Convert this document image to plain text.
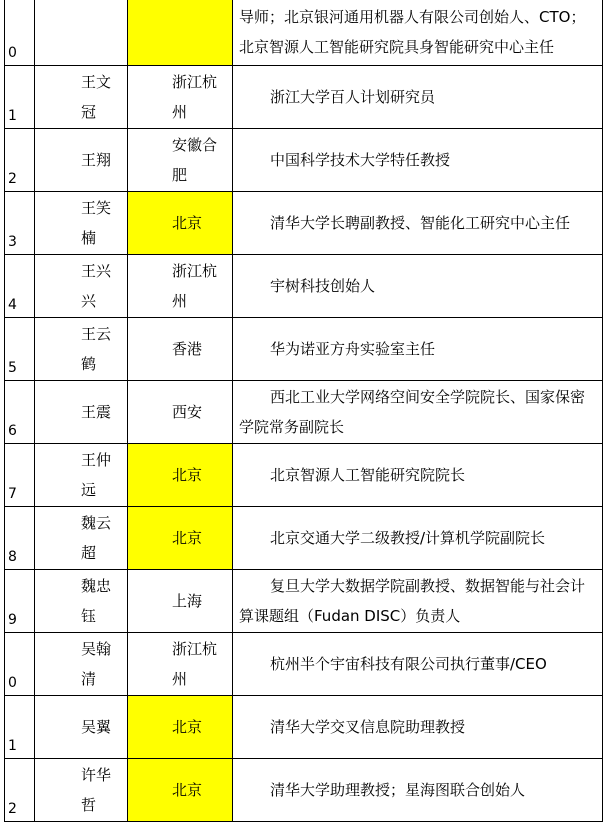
0			导师；北京银河通用机器人有限公司创始人、CTO；北京智源人工智能研究院具身智能研究中心主任

1	王文冠	浙江杭州	浙江大学百人计划研究员

2	王翔	安徽合肥	中国科学技术大学特任教授

3	王笑楠	北京	清华大学长聘副教授、智能化工研究中心主任

4	王兴兴	浙江杭州	宇树科技创始人

5	王云鹤	香港	华为诺亚方舟实验室主任

6	王震	西安	西北工业大学网络空间安全学院院长、国家保密学院常务副院长

7	王仲远	北京	北京智源人工智能研究院院长

8	魏云超	北京	北京交通大学二级教授/计算机学院副院长

9	魏忠钰	上海	复旦大学大数据学院副教授、数据智能与社会计算课题组（Fudan DISC）负责人

0	吴翰清	浙江杭州	杭州半个宇宙科技有限公司执行董事/CEO

1	吴翼	北京	清华大学交叉信息院助理教授

2	许华哲	北京	清华大学助理教授；星海图联合创始人
